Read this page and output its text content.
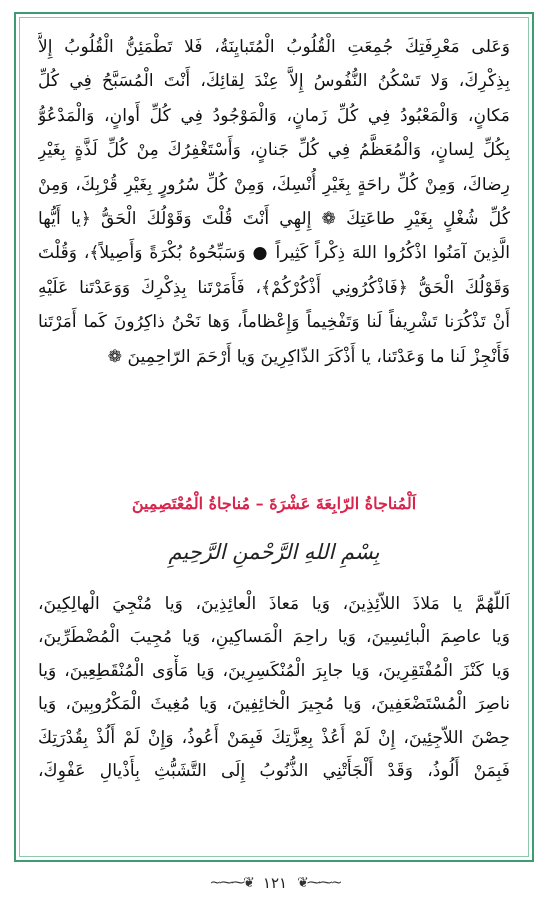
وَعَلى مَعْرِفَتِكَ جُمِعَتِ الْقُلُوبُ الْمُتَبايِنَةُ، فَلا تَطْمَئِنُّ الْقُلُوبُ إِلاَّ
بِذِكْرِكَ، وَلا تَسْكُنُ النُّفُوسُ إِلاَّ عِنْدَ لِقائِكَ، أَنْتَ الْمُسَبَّحُ فِي كُلِّ
مَكانٍ، وَالْمَعْبُودُ فِي كُلِّ زَمانٍ، وَالْمَوْجُودُ فِي كُلِّ أَوانٍ، وَالْمَدْعُوُّ
بِكُلِّ لِسانٍ، وَالْمُعَظَّمُ فِي كُلِّ جَنانٍ، وَأَسْتَغْفِرُكَ مِنْ كُلِّ لَذَّةٍ بِغَيْرِ
رِضاكَ، وَمِنْ كُلِّ راحَةٍ بِغَيْرِ أُنْسِكَ، وَمِنْ كُلِّ سُرُورٍ بِغَيْرِ قُرْبِكَ، وَمِنْ
كُلِّ شُغْلٍ بِغَيْرِ طاعَتِكَ ❁ إِلهِي أَنْتَ قُلْتَ وَقَوْلُكَ الْحَقُّ ﴿يا أَيُّها
الَّذِينَ آمَنُوا اذْكُرُوا اللهَ ذِكْراً كَثِيراً ● وَسَبِّحُوهُ بُكْرَةً وَأَصِيلاً﴾، وَقُلْتَ
وَقَوْلُكَ الْحَقُّ ﴿فَاذْكُرُونِي أَذْكُرْكُمْ﴾، فَأَمَرْتَنا بِذِكْرِكَ وَوَعَدْتَنا عَلَيْهِ
أَنْ تَذْكُرَنا تَشْرِيفاً لَنا وَتَفْخِيماً وَإِعْظاماً، وَها نَحْنُ ذاكِرُونَ كَما أَمَرْتَنا
فَأَنْجِزْ لَنا ما وَعَدْتَنا، يا أَذْكَرَ الذّاكِرِينَ وَيا أَرْحَمَ الرّاحِمِينَ ❁
اَلْمُناجاةُ الرّابِعَةَ عَشْرَةَ – مُناجاةُ الْمُعْتَصِمِينَ
بِسْمِ اللهِ الرَّحْمنِ الرَّحِيمِ
اَللّهُمَّ يا مَلاذَ اللاّئِذِينَ، وَيا مَعاذَ الْعائِذِينَ، وَيا مُنْجِيَ الْهالِكِينَ،
وَيا عاصِمَ الْبائِسِينَ، وَيا راحِمَ الْمَساكِينِ، وَيا مُجِيبَ الْمُضْطَرِّينَ،
وَيا كَنْزَ الْمُفْتَقِرِينَ، وَيا جابِرَ الْمُنْكَسِرِينَ، وَيا مَأْوَى الْمُنْقَطِعِينَ، وَيا
ناصِرَ الْمُسْتَضْعَفِينَ، وَيا مُجِيرَ الْخائِفِينَ، وَيا مُغِيثَ الْمَكْرُوبِينَ، وَيا
حِصْنَ اللاّجِئِينَ، إِنْ لَمْ أَعُذْ بِعِزَّتِكَ فَبِمَنْ أَعُوذُ، وَإِنْ لَمْ أَلُذْ بِقُدْرَتِكَ
فَبِمَنْ أَلُوذُ، وَقَدْ أَلْجَأَتْنِي الذُّنُوبُ إِلَى التَّشَبُّثِ بِأَذْيالِ عَفْوِكَ،
~⁓⁓❦ ١٢١ ❦⁓⁓~
